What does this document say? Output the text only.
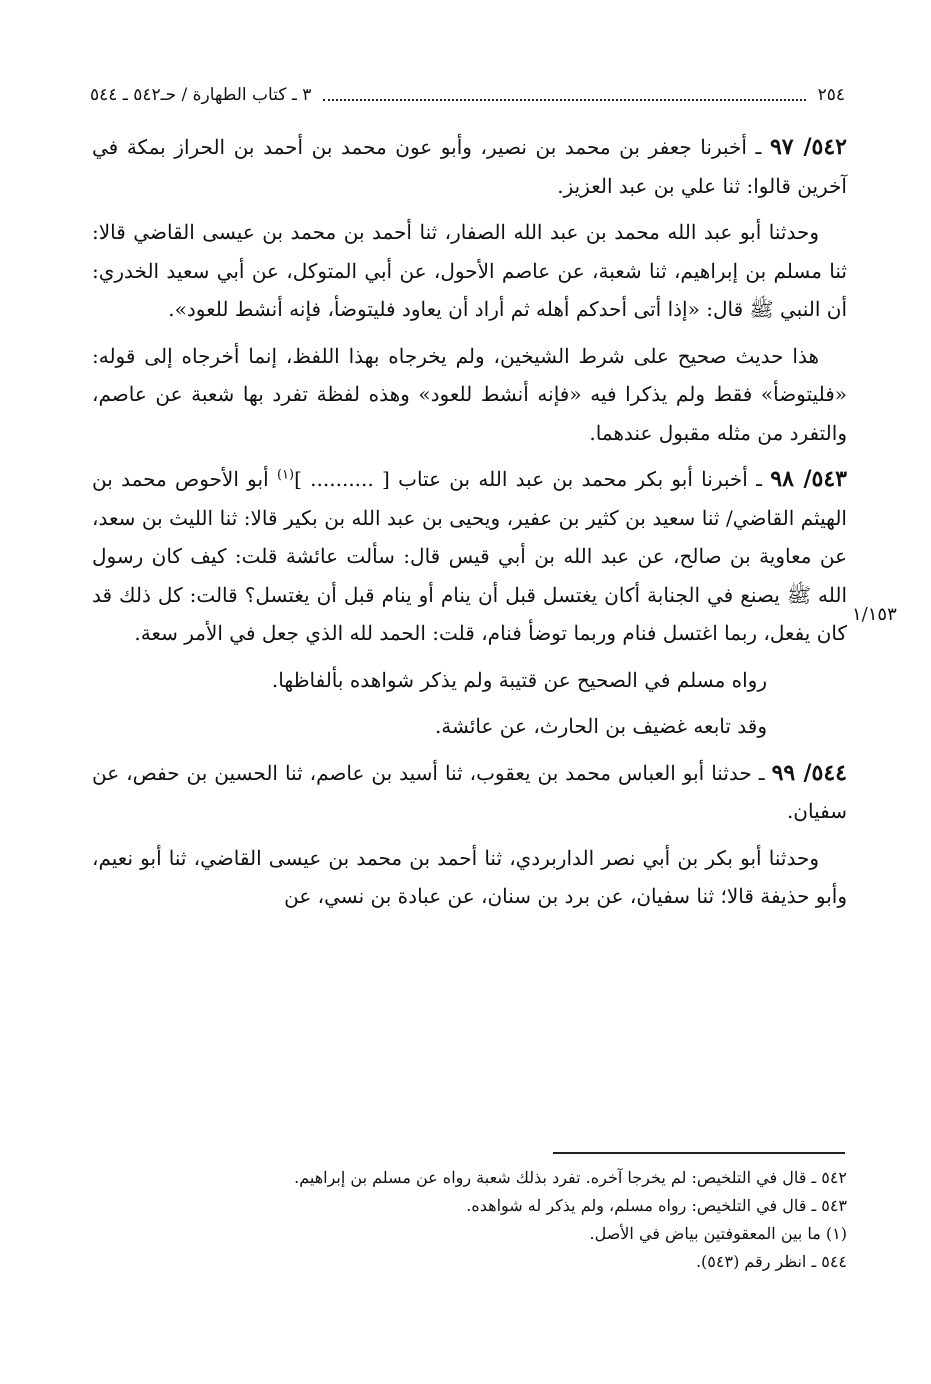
٢٥٤
٣ ـ كتاب الطهارة / حـ٥٤٢ ـ ٥٤٤
١/١٥٣

٥٤٢/ ٩٧ ـ أخبرنا جعفر بن محمد بن نصير، وأبو عون محمد بن أحمد بن الحراز بمكة في آخرين قالوا: ثنا علي بن عبد العزيز.

وحدثنا أبو عبد الله محمد بن عبد الله الصفار، ثنا أحمد بن محمد بن عيسى القاضي قالا: ثنا مسلم بن إبراهيم، ثنا شعبة، عن عاصم الأحول، عن أبي المتوكل، عن أبي سعيد الخدري: أن النبي ﷺ قال: «إذا أتى أحدكم أهله ثم أراد أن يعاود فليتوضأ، فإنه أنشط للعود».

هذا حديث صحيح على شرط الشيخين، ولم يخرجاه بهذا اللفظ، إنما أخرجاه إلى قوله: «فليتوضأ» فقط ولم يذكرا فيه «فإنه أنشط للعود» وهذه لفظة تفرد بها شعبة عن عاصم، والتفرد من مثله مقبول عندهما.

٥٤٣/ ٩٨ ـ أخبرنا أبو بكر محمد بن عبد الله بن عتاب [ .......... ]$^{(١)}$ أبو الأحوص محمد بن الهيثم القاضي/ ثنا سعيد بن كثير بن عفير، ويحيى بن عبد الله بن بكير قالا: ثنا الليث بن سعد، عن معاوية بن صالح، عن عبد الله بن أبي قيس قال: سألت عائشة قلت: كيف كان رسول الله ﷺ يصنع في الجنابة أكان يغتسل قبل أن ينام أو ينام قبل أن يغتسل؟ قالت: كل ذلك قد كان يفعل، ربما اغتسل فنام وربما توضأ فنام، قلت: الحمد لله الذي جعل في الأمر سعة.

رواه مسلم في الصحيح عن قتيبة ولم يذكر شواهده بألفاظها.

وقد تابعه غضيف بن الحارث، عن عائشة.

٥٤٤/ ٩٩ ـ حدثنا أبو العباس محمد بن يعقوب، ثنا أسيد بن عاصم، ثنا الحسين بن حفص، عن سفيان.

وحدثنا أبو بكر بن أبي نصر الداربردي، ثنا أحمد بن محمد بن عيسى القاضي، ثنا أبو نعيم، وأبو حذيفة قالا؛ ثنا سفيان، عن برد بن سنان، عن عبادة بن نسي، عن

٥٤٢ ـ قال في التلخيص: لم يخرجا آخره. تفرد بذلك شعبة رواه عن مسلم بن إبراهيم.

٥٤٣ ـ قال في التلخيص: رواه مسلم، ولم يذكر له شواهده.

(١) ما بين المعقوفتين بياض في الأصل.

٥٤٤ ـ انظر رقم (٥٤٣).
